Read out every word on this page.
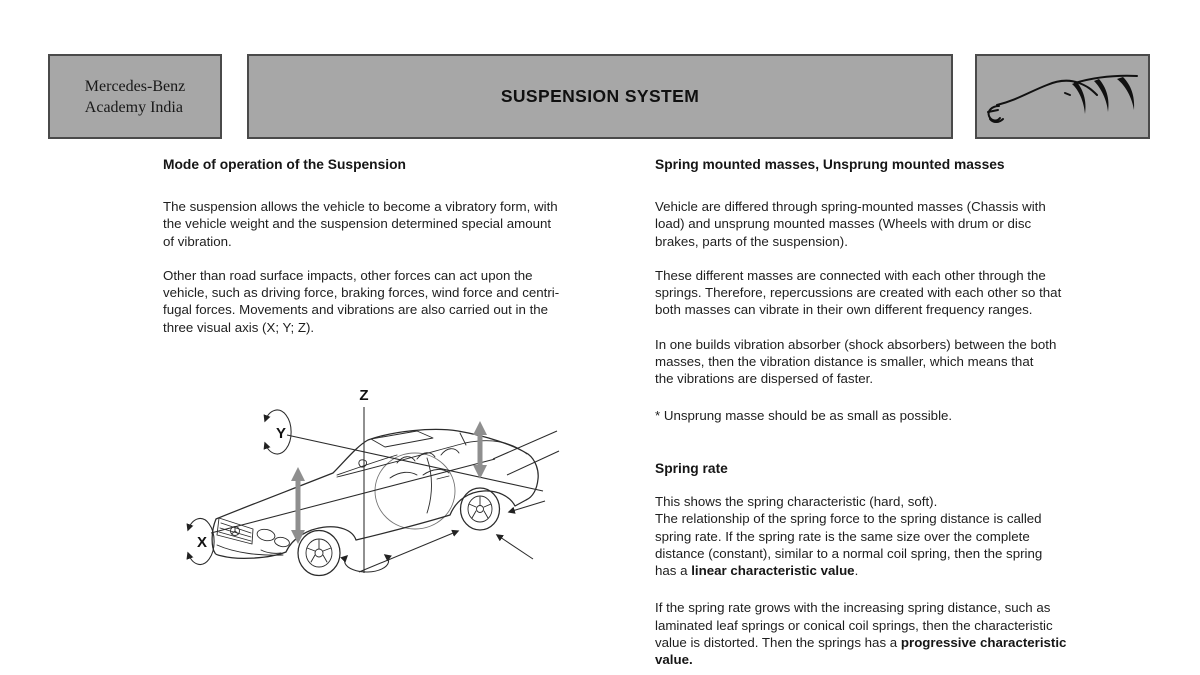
Mercedes-Benz
Academy India
SUSPENSION SYSTEM
Mode of operation of the Suspension
The suspension allows the vehicle to become a vibratory form, with
the vehicle weight and the suspension determined special amount
of vibration.
Other than road surface impacts, other forces can act upon the
vehicle, such as driving force, braking forces, wind force and centri-
fugal forces. Movements and vibrations are also carried out in the
three visual axis (X; Y; Z).
Z
Y
X
Spring mounted masses, Unsprung mounted masses
Vehicle are differed through spring-mounted masses (Chassis with
load) and unsprung mounted masses (Wheels with drum or disc
brakes, parts of the suspension).
These different masses are connected with each other through the
springs. Therefore, repercussions are created with each other so that
both masses can vibrate in their own different frequency ranges.
In one builds vibration absorber (shock absorbers) between the both
masses, then the vibration distance is smaller, which means that
the vibrations are dispersed of faster.
* Unsprung masse should be as small as possible.
Spring rate
This shows the spring characteristic (hard, soft).
The relationship of the spring force to the spring distance is called
spring rate. If the spring rate is the same size over the complete
distance (constant), similar to a normal coil spring, then the spring
has a linear characteristic value.
If the spring rate grows with the increasing spring distance, such as
laminated leaf springs or conical coil springs, then the characteristic
value is distorted. Then the springs has a progressive characteristic
value.
